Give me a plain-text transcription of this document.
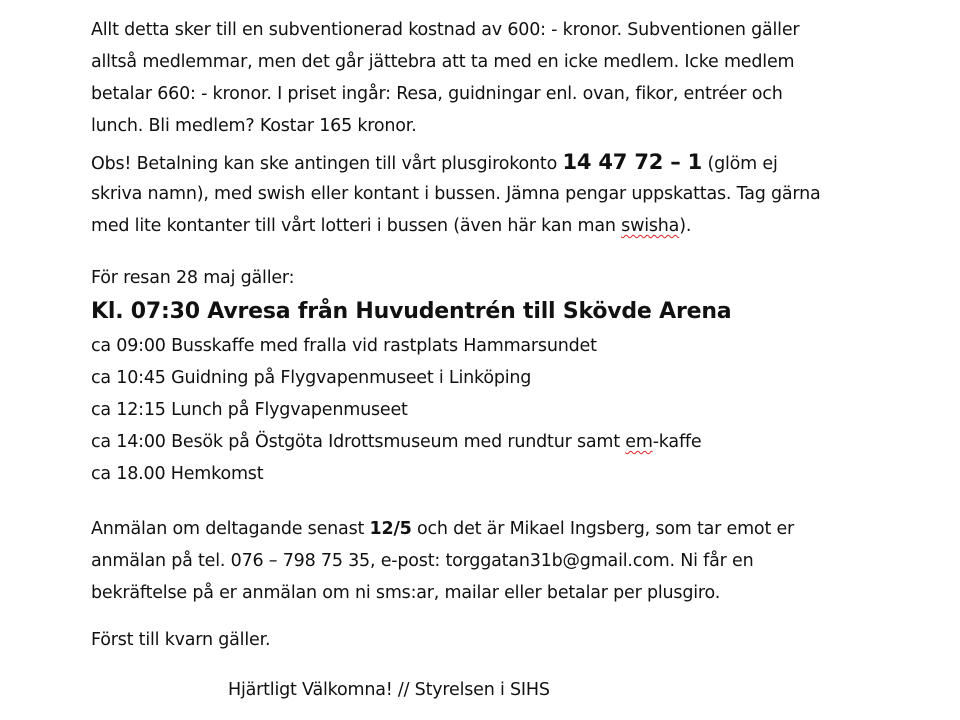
Allt detta sker till en subventionerad kostnad av 600: - kronor. Subventionen gäller
alltså medlemmar, men det går jättebra att ta med en icke medlem. Icke medlem
betalar 660: - kronor. I priset ingår: Resa, guidningar enl. ovan, fikor, entréer och
lunch. Bli medlem? Kostar 165 kronor.
Obs! Betalning kan ske antingen till vårt plusgirokonto 14 47 72 – 1 (glöm ej
skriva namn), med swish eller kontant i bussen. Jämna pengar uppskattas. Tag gärna
med lite kontanter till vårt lotteri i bussen (även här kan man swisha).
För resan 28 maj gäller:
Kl. 07:30 Avresa från Huvudentrén till Skövde Arena
ca 09:00 Busskaffe med fralla vid rastplats Hammarsundet
ca 10:45 Guidning på Flygvapenmuseet i Linköping
ca 12:15 Lunch på Flygvapenmuseet
ca 14:00 Besök på Östgöta Idrottsmuseum med rundtur samt em-kaffe
ca 18.00 Hemkomst
Anmälan om deltagande senast 12/5 och det är Mikael Ingsberg, som tar emot er
anmälan på tel. 076 – 798 75 35, e-post: torggatan31b@gmail.com. Ni får en
bekräftelse på er anmälan om ni sms:ar, mailar eller betalar per plusgiro.
Först till kvarn gäller.
Hjärtligt Välkomna! // Styrelsen i SIHS
